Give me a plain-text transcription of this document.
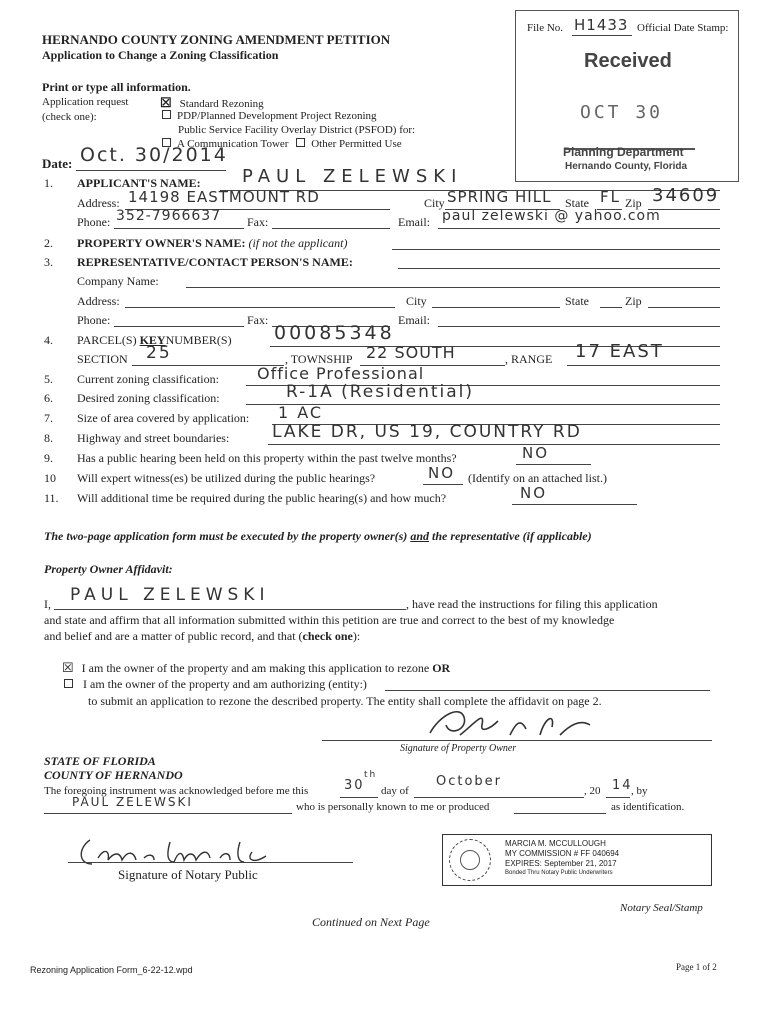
File No. H1433 Official Date Stamp:
Received
OCT 30
Planning Department
Hernando County, Florida
HERNANDO COUNTY ZONING AMENDMENT PETITION
Application to Change a Zoning Classification
Print or type all information.
Application request
(check one):
☒ Standard Rezoning
PDP/Planned Development Project Rezoning
Public Service Facility Overlay District (PSFOD) for:
A Communication Tower Other Permitted Use
Date: Oct. 30/2014
1. APPLICANT'S NAME: PAUL ZELEWSKI
Address: 14198 EASTMOUNT RD	City SPRING HILL State FL Zip 34609
Phone: 352-7966637 Fax:	Email: paul zelewski @ yahoo.com
2. PROPERTY OWNER'S NAME: (if not the applicant)
3. REPRESENTATIVE/CONTACT PERSON'S NAME:
Company Name:
Address:	City	State	Zip
Phone:	Fax:	Email:
4. PARCEL(S) KEYNUMBER(S) 00085348
SECTION 25	, TOWNSHIP 22 SOUTH	, RANGE 17 EAST
5. Current zoning classification: Office Professional
6. Desired zoning classification:	R-1A (Residential)
7. Size of area covered by application: 1 AC
8. Highway and street boundaries:	LAKE DR, US 19, COUNTRY RD
9. Has a public hearing been held on this property within the past twelve months?	NO
10 Will expert witness(es) be utilized during the public hearings?	NO (Identify on an attached list.)
11. Will additional time be required during the public hearing(s) and how much?	NO
The two-page application form must be executed by the property owner(s) and the representative (if applicable)
Property Owner Affidavit:
I, PAUL ZELEWSKI	, have read the instructions for filing this application
and state and affirm that all information submitted within this petition are true and correct to the best of my knowledge
and belief and are a matter of public record, and that (check one):
☒ I am the owner of the property and am making this application to rezone OR
I am the owner of the property and am authorizing (entity:)
to submit an application to rezone the described property. The entity shall complete the affidavit on page 2.
Signature of Property Owner
STATE OF FLORIDA
COUNTY OF HERNANDO
The foregoing instrument was acknowledged before me this	30
th
day of
October
, 20 14
, by
PAUL ZELEWSKI	who is personally known to me or produced	as identification.
Signature of Notary Public
MARCIA M. MCCULLOUGH
MY COMMISSION # FF 040694
EXPIRES: September 21, 2017
Bonded Thru Notary Public Underwriters
Notary Seal/Stamp
Continued on Next Page
Rezoning Application Form_6-22-12.wpd	Page 1 of 2
